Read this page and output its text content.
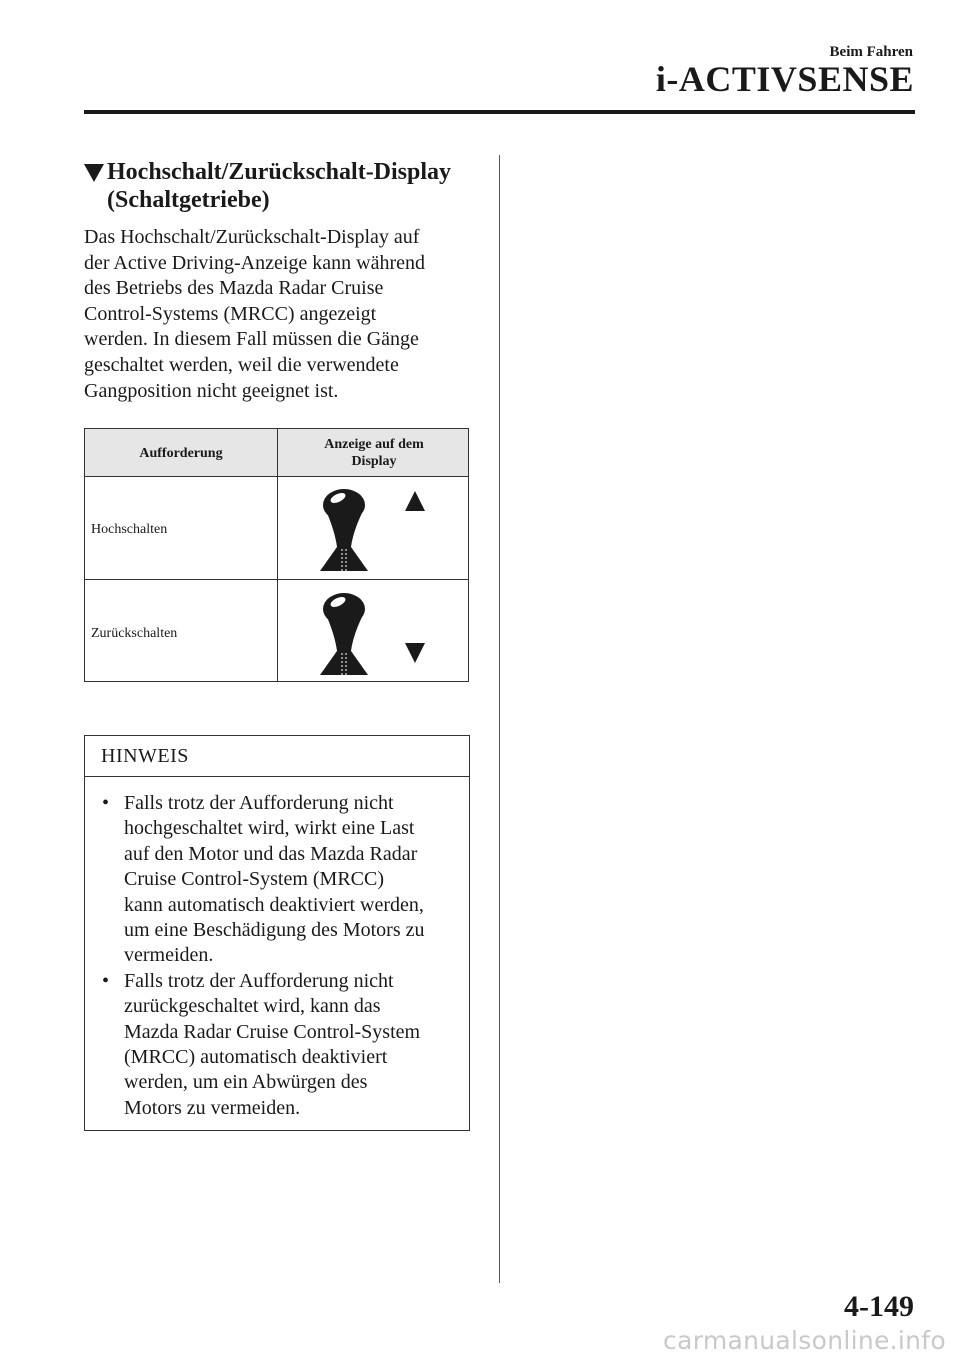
Beim Fahren
i-ACTIVSENSE
Hochschalt/Zurückschalt-Display
(Schaltgetriebe)
Das Hochschalt/Zurückschalt-Display auf
der Active Driving-Anzeige kann während
des Betriebs des Mazda Radar Cruise
Control-Systems (MRCC) angezeigt
werden. In diesem Fall müssen die Gänge
geschaltet werden, weil die verwendete
Gangposition nicht geeignet ist.
Aufforderung
Anzeige auf dem
Display
Hochschalten
Zurückschalten
HINWEIS
• Falls trotz der Aufforderung nicht
hochgeschaltet wird, wirkt eine Last
auf den Motor und das Mazda Radar
Cruise Control-System (MRCC)
kann automatisch deaktiviert werden,
um eine Beschädigung des Motors zu
vermeiden.
• Falls trotz der Aufforderung nicht
zurückgeschaltet wird, kann das
Mazda Radar Cruise Control-System
(MRCC) automatisch deaktiviert
werden, um ein Abwürgen des
Motors zu vermeiden.
4-149
carmanualsonline.info
